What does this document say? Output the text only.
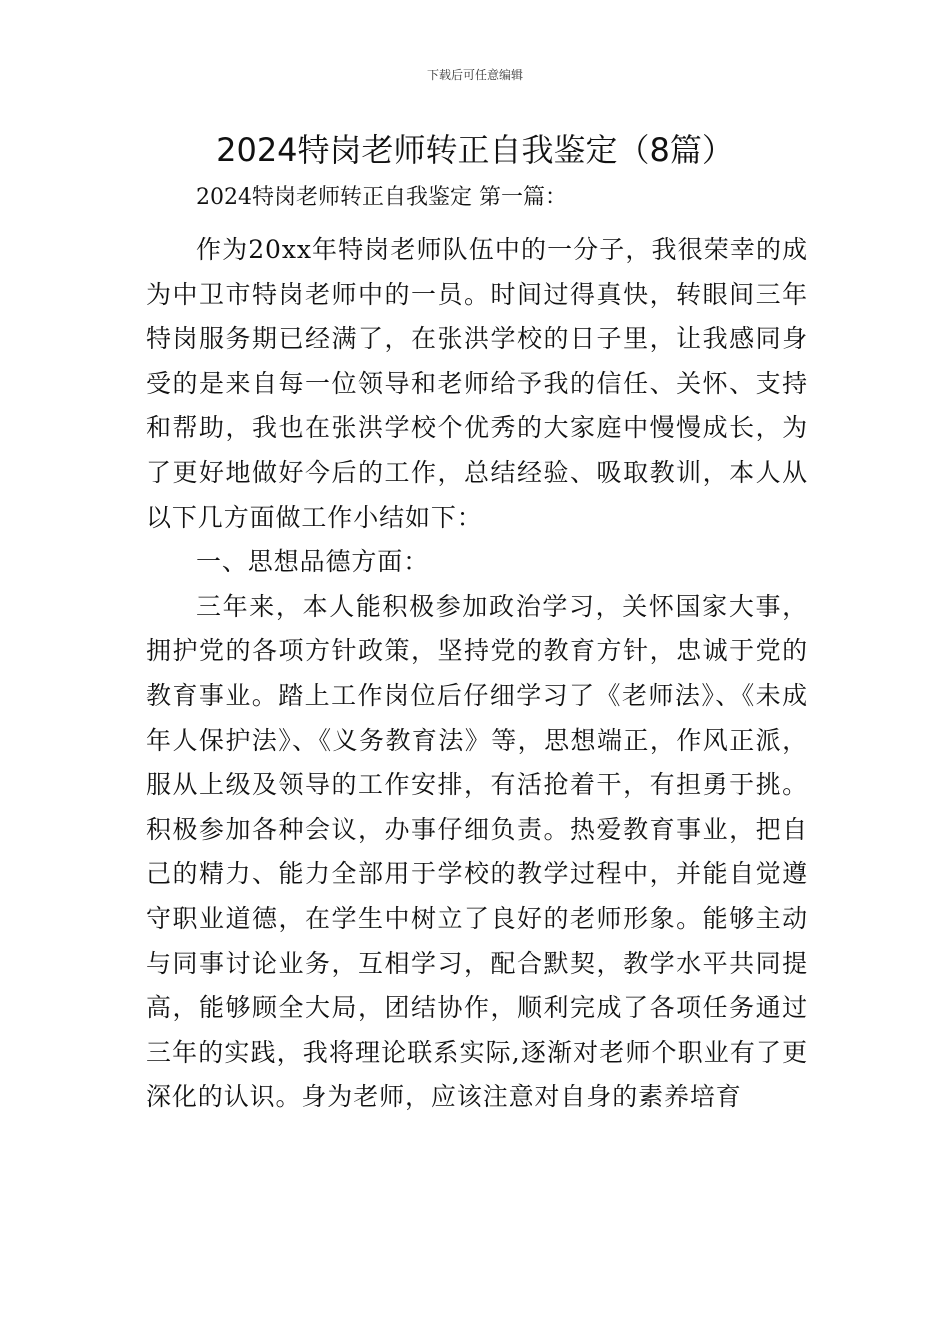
下载后可任意编辑
2024特岗老师转正自我鉴定（8篇）

2024特岗老师转正自我鉴定 第一篇：

作为20xx年特岗老师队伍中的一分子，我很荣幸的成为中卫市特岗老师中的一员。时间过得真快，转眼间三年特岗服务期已经满了，在张洪学校的日子里，让我感同身受的是来自每一位领导和老师给予我的信任、关怀、支持和帮助，我也在张洪学校个优秀的大家庭中慢慢成长，为了更好地做好今后的工作，总结经验、吸取教训，本人从以下几方面做工作小结如下：

一、思想品德方面：

三年来，本人能积极参加政治学习，关怀国家大事，拥护党的各项方针政策，坚持党的教育方针，忠诚于党的教育事业。踏上工作岗位后仔细学习了《老师法》、《未成年人保护法》、《义务教育法》等，思想端正，作风正派，服从上级及领导的工作安排，有活抢着干，有担勇于挑。积极参加各种会议，办事仔细负责。热爱教育事业，把自己的精力、能力全部用于学校的教学过程中，并能自觉遵守职业道德，在学生中树立了良好的老师形象。能够主动与同事讨论业务，互相学习，配合默契，教学水平共同提高，能够顾全大局，团结协作，顺利完成了各项任务通过三年的实践，我将理论联系实际,逐渐对老师个职业有了更深化的认识。身为老师，应该注意对自身的素养培育
